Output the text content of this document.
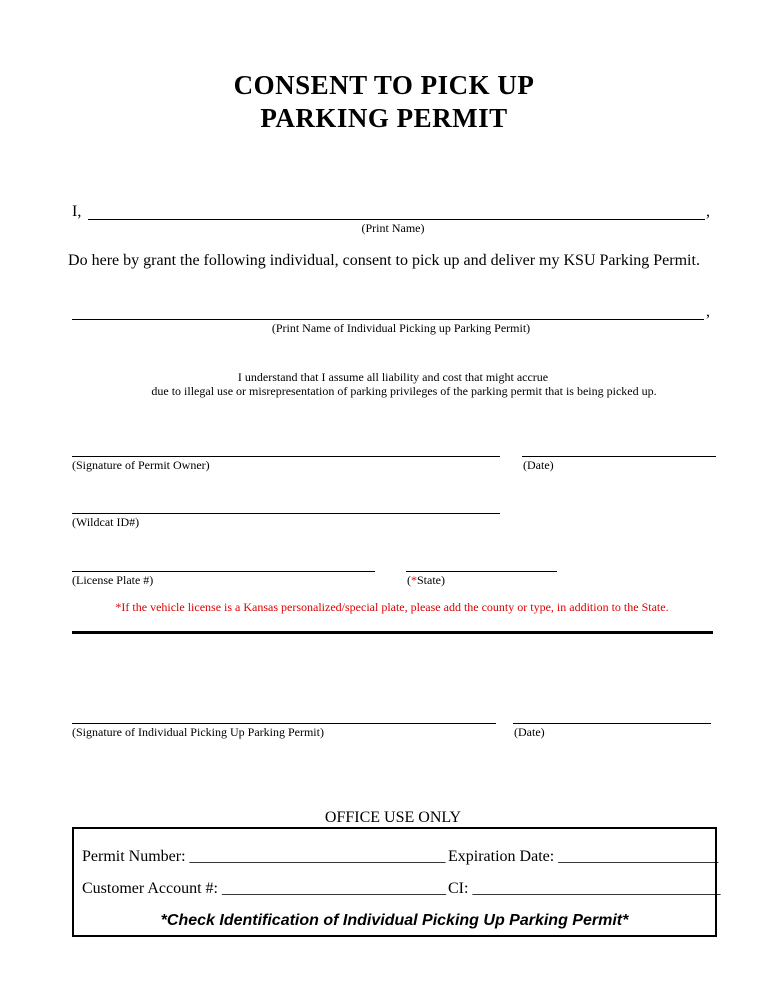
CONSENT TO PICK UP
PARKING PERMIT
I,	,
(Print Name)
Do here by grant the following individual, consent to pick up and deliver my KSU Parking Permit.
,
(Print Name of Individual Picking up Parking Permit)
I understand that I assume all liability and cost that might accrue
due to illegal use or misrepresentation of parking privileges of the parking permit that is being picked up.
(Signature of Permit Owner)	(Date)
(Wildcat ID#)
(License Plate #)	(*State)
*If the vehicle license is a Kansas personalized/special plate, please add the county or type, in addition to the State.
(Signature of Individual Picking Up Parking Permit)	(Date)
OFFICE USE ONLY
Permit Number: ________________________________ Expiration Date: ____________________
Customer Account #: ____________________________ CI: _______________________________
*Check Identification of Individual Picking Up Parking Permit*
